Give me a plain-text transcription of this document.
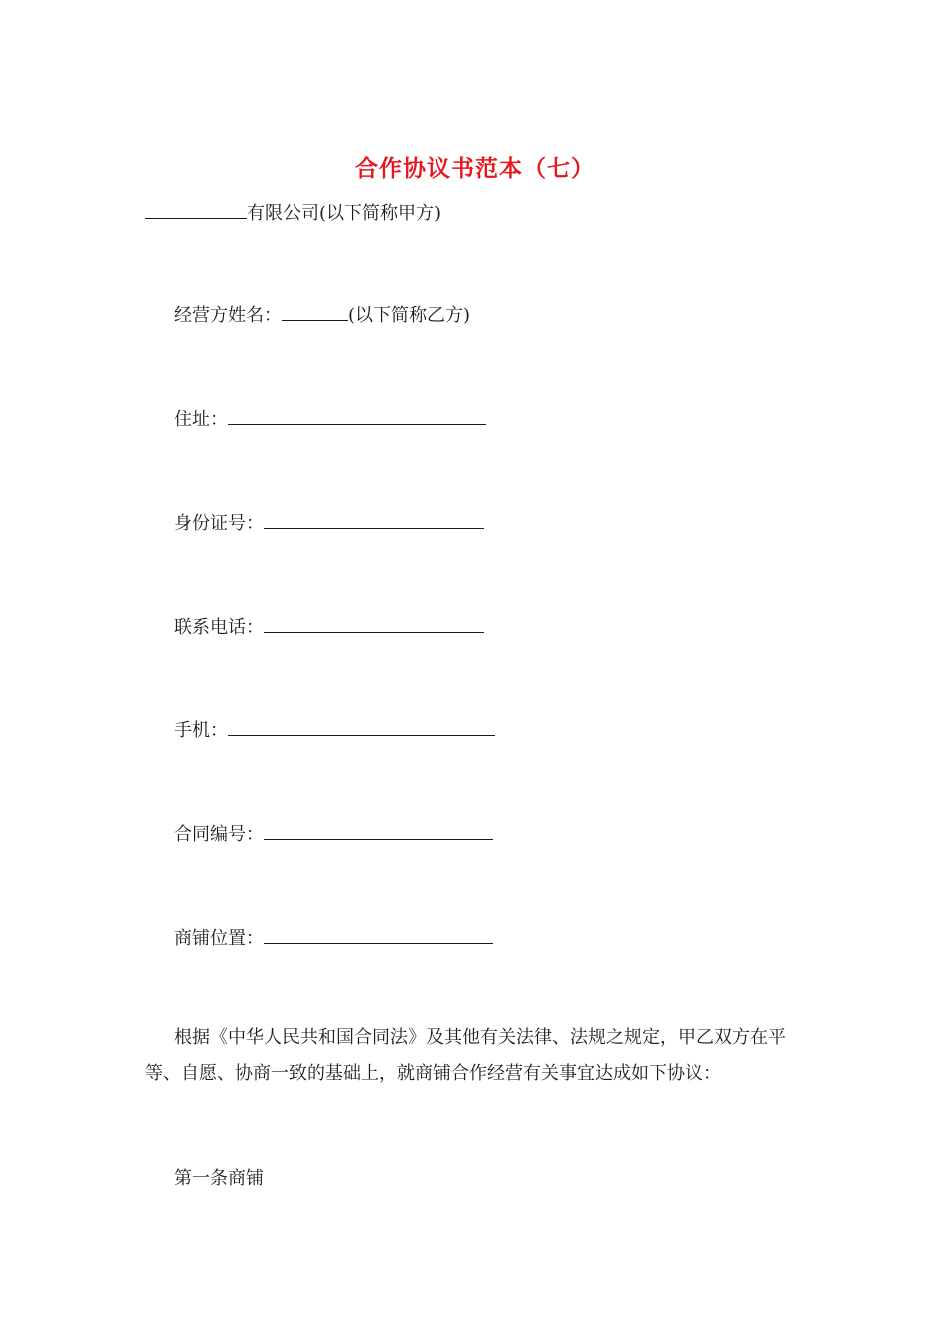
合作协议书范本（七）
有限公司(以下简称甲方)
经营方姓名：	(以下简称乙方)
住址：
身份证号：
联系电话：
手机：
合同编号：
商铺位置：
根据《中华人民共和国合同法》及其他有关法律、法规之规定，甲乙双方在平等、自愿、协商一致的基础上，就商铺合作经营有关事宜达成如下协议：
第一条商铺
